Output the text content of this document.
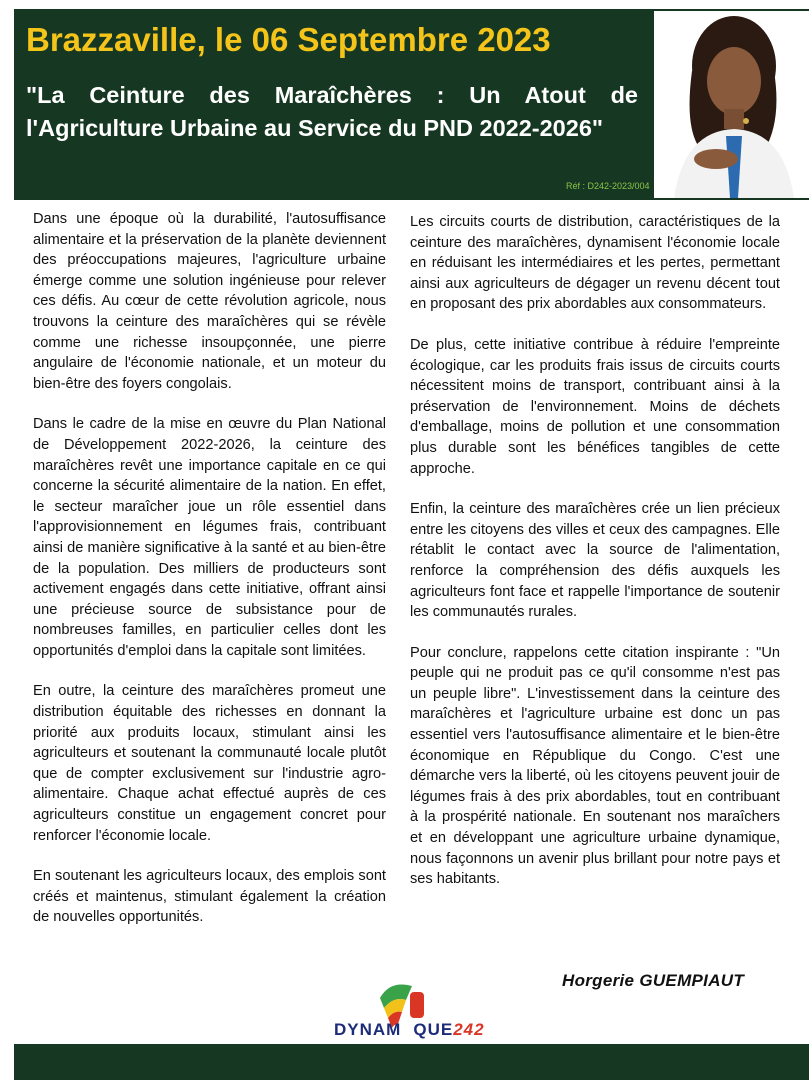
Brazzaville, le 06 Septembre 2023
"La Ceinture des Maraîchères : Un Atout de l'Agriculture Urbaine au Service du PND 2022-2026"
Réf : D242-2023/004

Dans une époque où la durabilité, l'autosuffisance alimentaire et la préservation de la planète deviennent des préoccupations majeures, l'agriculture urbaine émerge comme une solution ingénieuse pour relever ces défis. Au cœur de cette révolution agricole, nous trouvons la ceinture des maraîchères qui se révèle comme une richesse insoupçonnée, une pierre angulaire de l'économie nationale, et un moteur du bien-être des foyers congolais.

Dans le cadre de la mise en œuvre du Plan National de Développement 2022-2026, la ceinture des maraîchères revêt une importance capitale en ce qui concerne la sécurité alimentaire de la nation. En effet, le secteur maraîcher joue un rôle essentiel dans l'approvisionnement en légumes frais, contribuant ainsi de manière significative à la santé et au bien-être de la population. Des milliers de producteurs sont activement engagés dans cette initiative, offrant ainsi une précieuse source de subsistance pour de nombreuses familles, en particulier celles dont les opportunités d'emploi dans la capitale sont limitées.

En outre, la ceinture des maraîchères promeut une distribution équitable des richesses en donnant la priorité aux produits locaux, stimulant ainsi les agriculteurs et soutenant la communauté locale plutôt que de compter exclusivement sur l'industrie agro-alimentaire. Chaque achat effectué auprès de ces agriculteurs constitue un engagement concret pour renforcer l'économie locale.

En soutenant les agriculteurs locaux, des emplois sont créés et maintenus, stimulant également la création de nouvelles opportunités.

Les circuits courts de distribution, caractéristiques de la ceinture des maraîchères, dynamisent l'économie locale en réduisant les intermédiaires et les pertes, permettant ainsi aux agriculteurs de dégager un revenu décent tout en proposant des prix abordables aux consommateurs.

De plus, cette initiative contribue à réduire l'empreinte écologique, car les produits frais issus de circuits courts nécessitent moins de transport, contribuant ainsi à la préservation de l'environnement. Moins de déchets d'emballage, moins de pollution et une consommation plus durable sont les bénéfices tangibles de cette approche.

Enfin, la ceinture des maraîchères crée un lien précieux entre les citoyens des villes et ceux des campagnes. Elle rétablit le contact avec la source de l'alimentation, renforce la compréhension des défis auxquels les agriculteurs font face et rappelle l'importance de soutenir les communautés rurales.

Pour conclure, rappelons cette citation inspirante : "Un peuple qui ne produit pas ce qu'il consomme n'est pas un peuple libre". L'investissement dans la ceinture des maraîchères et l'agriculture urbaine est donc un pas essentiel vers l'autosuffisance alimentaire et le bien-être économique en République du Congo. C'est une démarche vers la liberté, où les citoyens peuvent jouir de légumes frais à des prix abordables, tout en contribuant à la prospérité nationale. En soutenant nos maraîchers et en développant une agriculture urbaine dynamique, nous façonnons un avenir plus brillant pour notre pays et ses habitants.

Horgerie GUEMPIAUT
DYNAM QUE242
